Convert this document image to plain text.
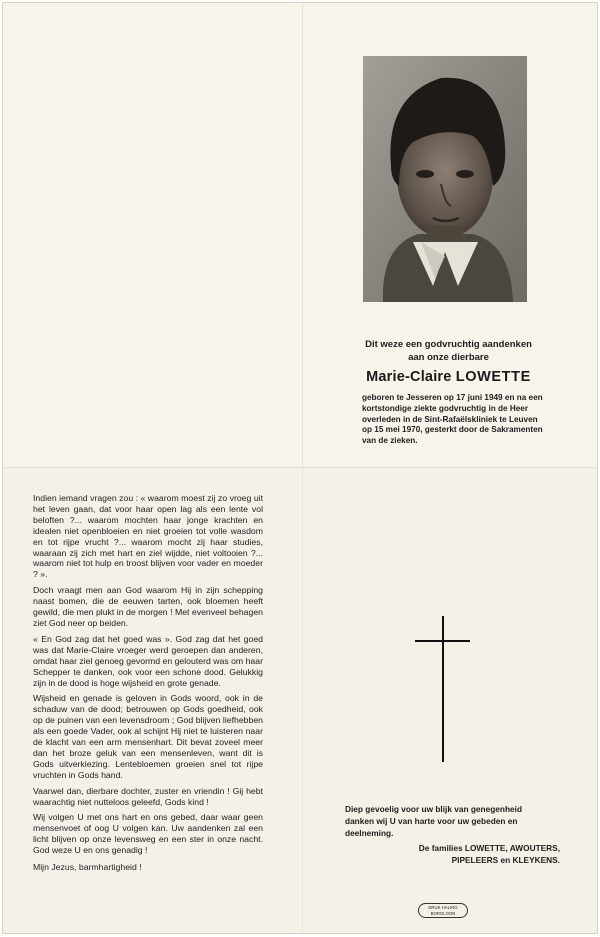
Dit weze een godvruchtig aandenken
aan onze dierbare
Marie-Claire LOWETTE
geboren te Jesseren op 17 juni 1949 en na een
kortstondige ziekte godvruchtig in de Heer
overleden in de Sint-Rafaëlskliniek te Leuven
op 15 mei 1970, gesterkt door de Sakramenten
van de zieken.

Indien iemand vragen zou : « waarom moest zij zo vroeg uit het leven gaan, dat voor haar open lag als een lente vol beloften ?... waarom mochten haar jonge krachten en idealen niet openbloeien en niet groeien tot volle wasdom en tot rijpe vrucht ?... waarom mocht zij haar studies, waaraan zij zich met hart en ziel wijdde, niet voltooien ?... waarom niet tot hulp en troost blijven voor vader en moeder ? ».

Doch vraagt men aan God waarom Hij in zijn schepping naast bomen, die de eeuwen tarten, ook bloemen heeft gewild, die men plukt in de morgen ! Met evenveel behagen ziet God neer op beiden.

« En God zag dat het goed was ». God zag dat het goed was dat Marie-Claire vroeger werd geroepen dan anderen, omdat haar ziel genoeg gevormd en gelouterd was om haar Schepper te danken, ook voor een schone dood. Gelukkig zijn in de dood is hoge wijsheid en grote genade.

Wijsheid en genade is geloven in Gods woord, ook in de schaduw van de dood; betrouwen op Gods goedheid, ook op de puinen van een levensdroom ; God blijven liefhebben als een goede Vader, ook al schijnt Hij niet te luisteren naar de klacht van een arm mensenhart. Dit bevat zoveel meer dan het broze geluk van een mensenleven, want dit is Gods uitverkiezing. Lentebloemen groeien snel tot rijpe vruchten in Gods hand.

Vaarwel dan, dierbare dochter, zuster en vriendin ! Gij hebt waarachtig niet nutteloos geleefd, Gods kind !

Wij volgen U met ons hart en ons gebed, daar waar geen mensenvoet of oog U volgen kan. Uw aandenken zal een licht blijven op onze levensweg en een ster in onze nacht. God weze U en ons genadig !

Mijn Jezus, barmhartigheid !

Diep gevoelig voor uw blijk van genegenheid
danken wij U van harte voor uw gebeden en
deelneming.
De families LOWETTE, AWOUTERS,
PIPELEERS en KLEYKENS.
DRUK HALING
BORGLOON
